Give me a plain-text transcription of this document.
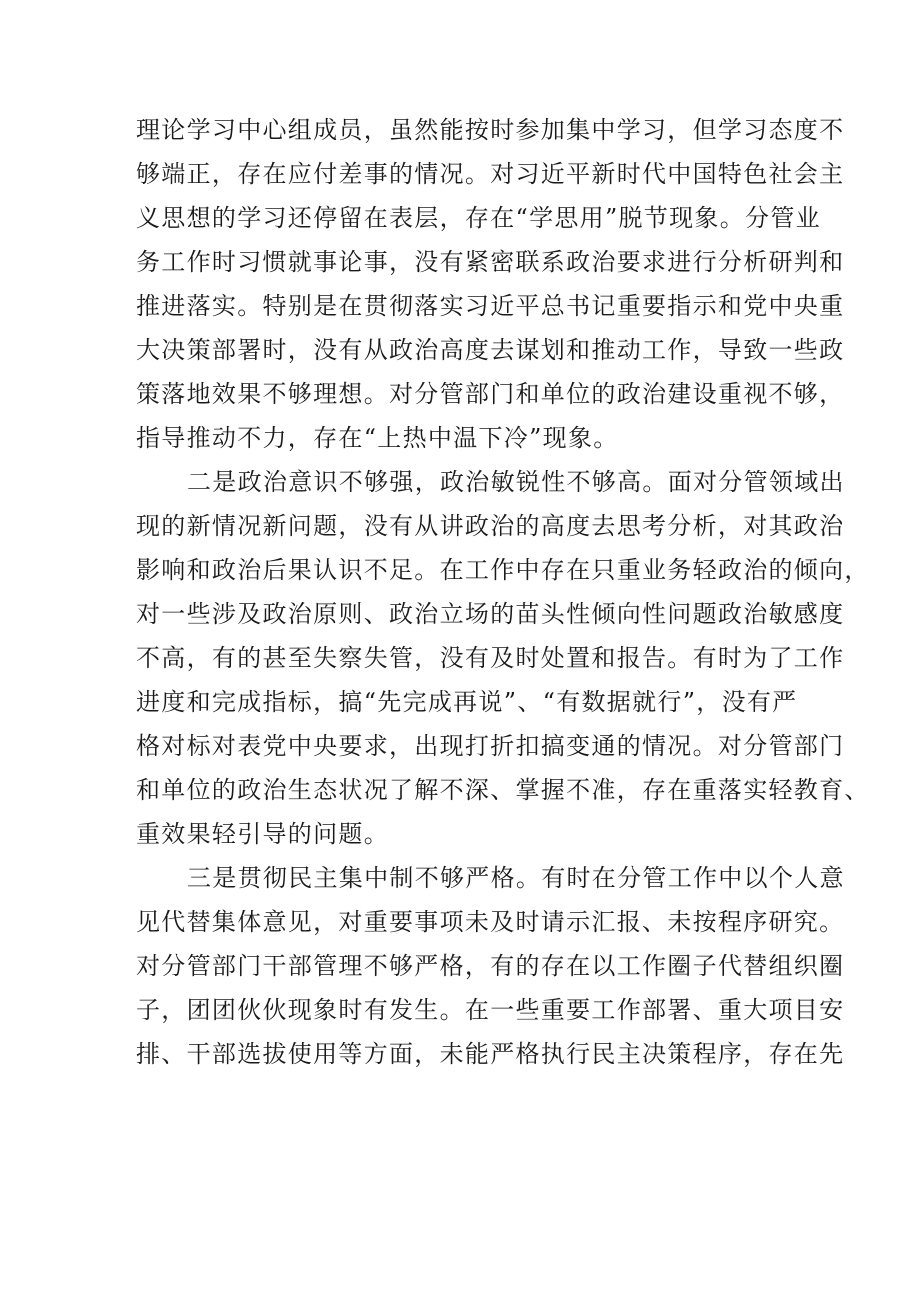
理论学习中心组成员，虽然能按时参加集中学习，但学习态度不
够端正，存在应付差事的情况。对习近平新时代中国特色社会主
义思想的学习还停留在表层，存在“学思用”脱节现象。分管业
务工作时习惯就事论事，没有紧密联系政治要求进行分析研判和
推进落实。特别是在贯彻落实习近平总书记重要指示和党中央重
大决策部署时，没有从政治高度去谋划和推动工作，导致一些政
策落地效果不够理想。对分管部门和单位的政治建设重视不够，
指导推动不力，存在“上热中温下冷”现象。

二是政治意识不够强，政治敏锐性不够高。面对分管领域出
现的新情况新问题，没有从讲政治的高度去思考分析，对其政治
影响和政治后果认识不足。在工作中存在只重业务轻政治的倾向，
对一些涉及政治原则、政治立场的苗头性倾向性问题政治敏感度
不高，有的甚至失察失管，没有及时处置和报告。有时为了工作
进度和完成指标，搞“先完成再说”、“有数据就行”，没有严
格对标对表党中央要求，出现打折扣搞变通的情况。对分管部门
和单位的政治生态状况了解不深、掌握不准，存在重落实轻教育、
重效果轻引导的问题。

三是贯彻民主集中制不够严格。有时在分管工作中以个人意
见代替集体意见，对重要事项未及时请示汇报、未按程序研究。
对分管部门干部管理不够严格，有的存在以工作圈子代替组织圈
子，团团伙伙现象时有发生。在一些重要工作部署、重大项目安
排、干部选拔使用等方面，未能严格执行民主决策程序，存在先
